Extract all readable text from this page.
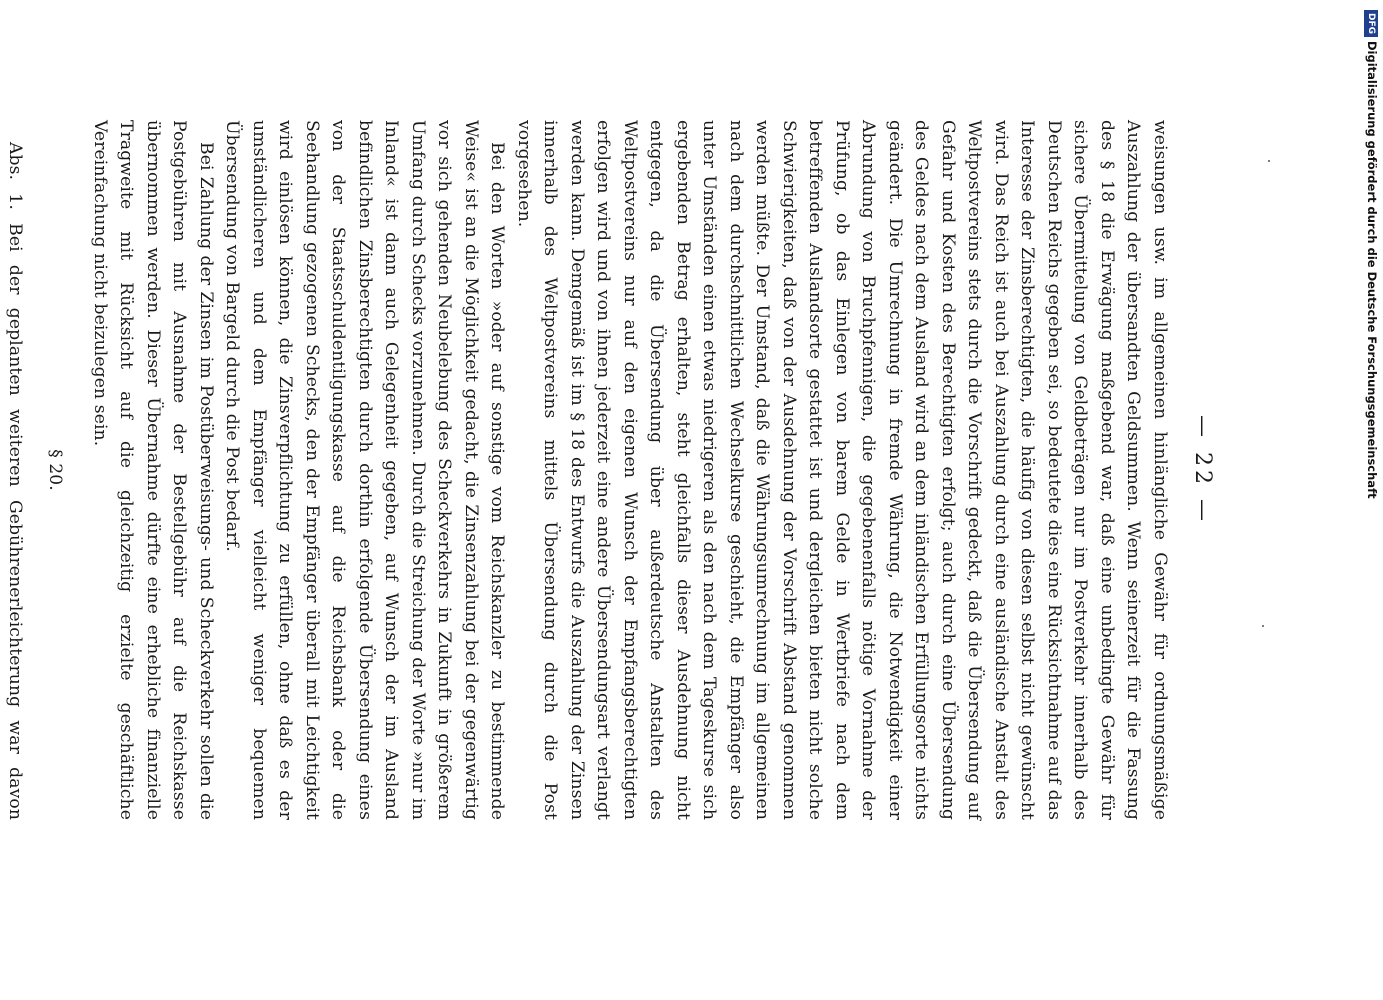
— 22 —

weisungen usw. im allgemeinen hinlängliche Gewähr für ordnungsmäßige Auszahlung der übersandten Geldsummen. Wenn seinerzeit für die Fassung des § 18 die Erwägung maßgebend war, daß eine unbedingte Gewähr für sichere Übermittelung von Geldbeträgen nur im Postverkehr innerhalb des Deutschen Reichs gegeben sei, so bedeutete dies eine Rücksichtnahme auf das Interesse der Zinsberechtigten, die häufig von diesen selbst nicht gewünscht wird. Das Reich ist auch bei Auszahlung durch eine ausländische Anstalt des Weltpostvereins stets durch die Vorschrift gedeckt, daß die Übersendung auf Gefahr und Kosten des Berechtigten erfolgt; auch durch eine Übersendung des Geldes nach dem Ausland wird an dem inländischen Erfüllungsorte nichts geändert. Die Umrechnung in fremde Währung, die Notwendigkeit einer Abrundung von Bruchpfennigen, die gegebenenfalls nötige Vornahme der Prüfung, ob das Einlegen von barem Gelde in Wertbriefe nach dem betreffenden Auslandsorte gestattet ist und dergleichen bieten nicht solche Schwierigkeiten, daß von der Ausdehnung der Vorschrift Abstand genommen werden müßte. Der Umstand, daß die Währungsumrechnung im allgemeinen nach dem durchschnittlichen Wechselkurse geschieht, die Empfänger also unter Umständen einen etwas niedrigeren als den nach dem Tageskurse sich ergebenden Betrag erhalten, steht gleichfalls dieser Ausdehnung nicht entgegen, da die Übersendung über außerdeutsche Anstalten des Weltpostvereins nur auf den eigenen Wunsch der Empfangsberechtigten erfolgen wird und von ihnen jederzeit eine andere Übersendungsart verlangt werden kann. Demgemäß ist im § 18 des Entwurfs die Auszahlung der Zinsen innerhalb des Weltpostvereins mittels Übersendung durch die Post vorgesehen.

Bei den Worten »oder auf sonstige vom Reichskanzler zu bestimmende Weise« ist an die Möglichkeit gedacht, die Zinsenzahlung bei der gegenwärtig vor sich gehenden Neubelebung des Scheckverkehrs in Zukunft in größerem Umfang durch Schecks vorzunehmen. Durch die Streichung der Worte »nur im Inland« ist dann auch Gelegenheit gegeben, auf Wunsch der im Ausland befindlichen Zinsberechtigten durch dorthin erfolgende Übersendung eines von der Staatsschuldentilgungskasse auf die Reichsbank oder die Seehandlung gezogenen Schecks, den der Empfänger überall mit Leichtigkeit wird einlösen können, die Zinsverpflichtung zu erfüllen, ohne daß es der umständlicheren und dem Empfänger vielleicht weniger bequemen Übersendung von Bargeld durch die Post bedarf.

Bei Zahlung der Zinsen im Postüberweisungs- und Scheckverkehr sollen die Postgebühren mit Ausnahme der Bestellgebühr auf die Reichskasse übernommen werden. Dieser Übernahme dürfte eine erhebliche finanzielle Tragweite mit Rücksicht auf die gleichzeitig erzielte geschäftliche Vereinfachung nicht beizulegen sein.

§ 20.

Abs. 1. Bei der geplanten weiteren Gebührenerleichterung war davon

DFGDigitalisierung gefördert durch die Deutsche Forschungsgemeinschaft
